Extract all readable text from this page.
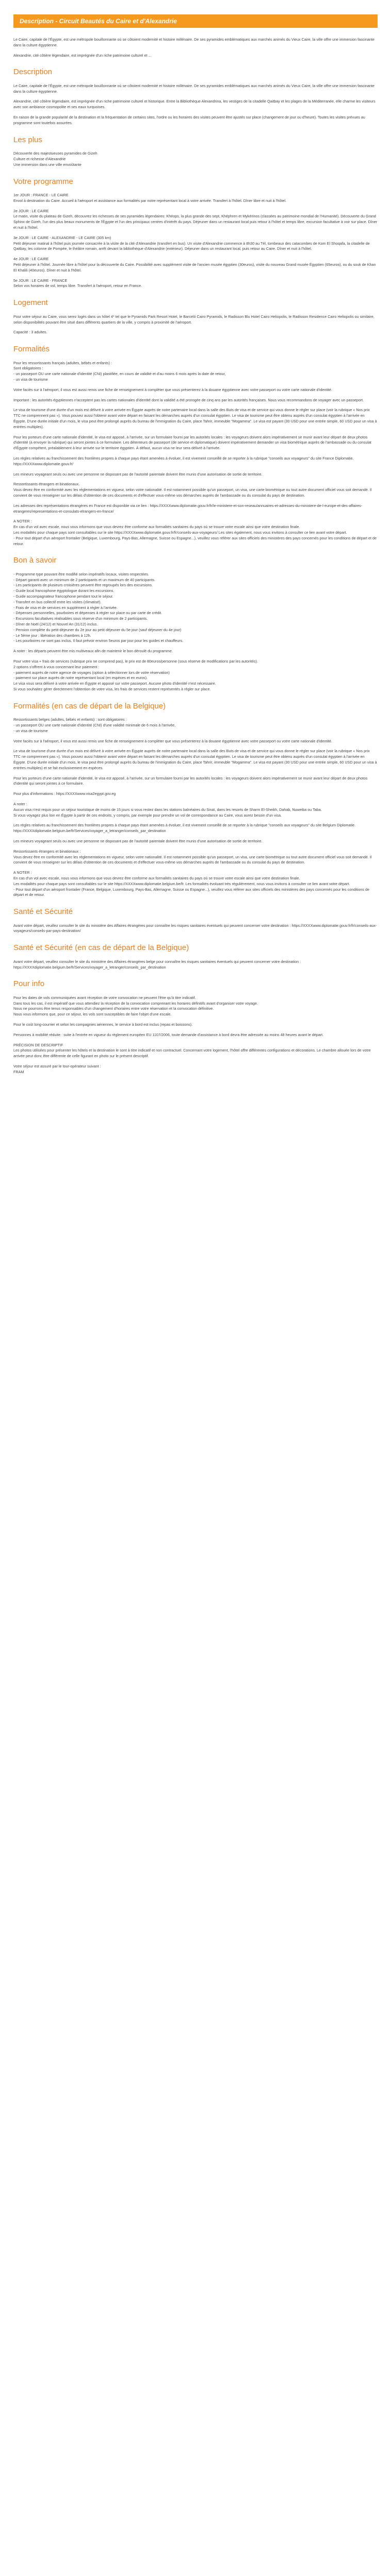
Description - Circuit Beautés du Caire et d'Alexandrie

Le Caire, capitale de l'Égypte, est une métropole bouillonnante où se côtoient modernité et histoire millénaire. De ses pyramides emblématiques aux marchés animés du Vieux Caire, la ville offre une immersion fascinante dans la culture égyptienne.

Alexandrie, cité côtière légendaire, est imprégnée d'un riche patrimoine culturel et ...

Description

Le Caire, capitale de l'Égypte, est une métropole bouillonnante où se côtoient modernité et histoire millénaire. De ses pyramides emblématiques aux marchés animés du Vieux Caire, la ville offre une immersion fascinante dans la culture égyptienne.

Alexandrie, cité côtière légendaire, est imprégnée d'un riche patrimoine culturel et historique. Entre la Bibliothèque Alexandrina, les vestiges de la citadelle Qaitbay et les plages de la Méditerranée, elle charme les visiteurs avec son ambiance cosmopolite et ses eaux turquoises.

En raison de la grande popularité de la destination et la fréquentation de certains sites, l'ordre ou les horaires des visites peuvent être ajustés sur place (changement de jour ou d'heure). Toutes les visites prévues au programme sont toutefois assurées.

Les plus

Découverte des majestueuses pyramides de Gizeh

Culture et richesse d'Alexandrie

Une immersion dans une ville envoûtante

Votre programme

1er JOUR : FRANCE - LE CAIRE

Envol à destination du Caire. Accueil à l'aéroport et assistance aux formalités par notre représentant local à votre arrivée. Transfert à l'hôtel. Dîner libre et nuit à l'hôtel.

2e JOUR : LE CAIRE

Le matin, visite du plateau de Gizeh, découvrez les richesses de ses pyramides légendaires: Khéops, la plus grande des sept, Khéphren et Mykérinos (classées au patrimoine mondial de l'Humanité). Découverte du Grand Sphinx de Gizeh, l'un des plus beaux monuments de l'Égypte et l'un des principaux centres d'intérêt du pays. Déjeuner dans un restaurant local puis retour à l'hôtel et temps libre, excursion facultative à voir sur place. Dîner et nuit à l'hôtel.

3e JOUR : LE CAIRE - ALEXANDRIE - LE CAIRE (305 km)

Petit déjeuner matinal à l'hôtel puis journée consacrée à la visite de la cité d'Alexandrie (transfert en bus). Un visite d'Alexandrie commence à 8h30 au Tél, tombeaux des catacombes de Kom El Shoqafa, la citadelle de Qaitbay, les colonne de Pompée, le théâtre romain, arrêt devant la bibliothèque d'Alexandrie (extérieur). Déjeuner dans un restaurant local, puis retour au Caire. Dîner et nuit à l'hôtel.

4e JOUR : LE CAIRE

Petit déjeuner à l'hôtel. Journée libre à l'hôtel pour la découverte du Caire. Possibilité avec supplément visite de l'ancien musée égyptien (30euros), visite du nouveau Grand musée Égyptien (65euros), ou du souk de Khan El Khalili (40euros). Dîner et nuit à l'hôtel.

5e JOUR : LE CAIRE - FRANCE

Selon vos horaires de vol, temps libre. Transfert à l'aéroport, retour en France.

Logement

Pour votre séjour au Caire, vous serez logés dans un hôtel 4* tel que le Pyramids Park Resort Hotel, le Barceló Cairo Pyramids, le Radisson Blu Hotel Cairo Heliopolis, le Radisson Residence Cairo Heliopolis ou similaire, selon disponibilités pouvant être situé dans différents quartiers de la ville, y compris à proximité de l'aéroport.

Capacité : 3 adultes.

Formalités

Pour les ressortissants français (adultes, bébés et enfants) :
Sont obligatoires :
- un passeport OU une carte nationale d'identité (CNI) plastifiée, en cours de validité et d'au moins 6 mois après la date de retour,
- un visa de tourisme

Votre faciès sur à l'aéroport, il vous est aussi remis une fiche de renseignement à compléter que vous présenterez à la douane égyptienne avec votre passeport ou votre carte nationale d'identité.

Important : les autorités égyptiennes n'acceptent pas les cartes nationales d'identité dont la validité a été prorogée de cinq ans par les autorités françaises. Nous vous recommandons de voyager avec un passeport.

Le visa de tourisme d'une durée d'un mois est délivré à votre arrivée en Égypte auprès de notre partenaire local dans la salle des Buts de visa et de service qui vous donne le régler sur place (voir la rubrique « Nos prix TTC ne comprennent pas »). Vous pouvez aussi l'obtenir avant votre départ en faisant les démarches auprès d'un consulat égyptien. Le visa de tourisme peut être obtenu auprès d'un consulat égyptien à l'arrivée en Égypte. D'une durée initiale d'un mois, le visa peut être prolongé auprès du bureau de l'immigration du Caire, place Tahrir, immeuble "Mogamma". Le visa est payant (30 USD pour une entrée simple, 60 USD pour un visa à entrées multiples).

Pour les porteurs d'une carte nationale d'identité, le visa est apposé, à l'arrivée, sur un formulaire fourni par les autorités locales : les voyageurs doivent alors impérativement se munir avant leur départ de deux photos d'identité (à envoyer la rubrique) qui seront jointes à ce formulaire. Les détenteurs de passeport (de service et diplomatique) doivent impérativement demander un visa biométrique auprès de l'ambassade ou du consulat d'Égypte compétent, préalablement à leur arrivée sur le territoire égyptien. À défaut, aucun visa ne leur sera délivré à l'arrivée.

Les règles relatives au franchissement des frontières propres à chaque pays étant amenées à évoluer, il est vivement conseillé de se reporter à la rubrique "conseils aux voyageurs" du site France Diplomatie. https://XXXXwww.diplomatie.gouv.fr/

Les mineurs voyageant seuls ou avec une personne ne disposant pas de l'autorité parentale doivent être munis d'une autorisation de sortie de territoire.

Ressortissants étrangers et binationaux.
Vous devez être en conformité avec les réglementations en vigueur, selon votre nationalité. Il est notamment possible qu'un passeport, un visa, une carte biométrique ou tout autre document officiel vous soit demandé. Il convient de vous renseigner sur les délais d'obtention de ces documents et d'effectuer vous-même vos démarches auprès de l'ambassade ou du consulat du pays de destination.

Les adresses des représentations étrangères en France est disponible via ce lien : https://XXXXwww.diplomatie.gouv.fr/fr/le-ministere-et-son-reseau/annuaires-et-adresses-du-ministere-de-l-europe-et-des-affaires-etrangeres/representations-et-consulats-etrangers-en-france/

A NOTER :
En cas d'un vol avec escale, nous vous informons que vous devrez être conforme aux formalités sanitaires du pays où se trouve votre escale ainsi que votre destination finale.
Les modalités pour chaque pays sont consultables sur le site https://XXXXwww.diplomatie.gouv.fr/fr/conseils-aux-voyageurs/ Les sites également, nous vous invitons à consulter ce lien avant votre départ.
- Pour tout départ d'un aéroport frontalier (Belgique, Luxembourg, Pays-Bas, Allemagne, Suisse ou Espagne...), veuillez vous référer aux sites officiels des ministères des pays concernés pour les conditions de départ et de retour.

Bon à savoir

- Programme type pouvant être modifié selon impératifs locaux, visites respectées.
- Départ garanti avec un minimum de 2 participants et un maximum de 40 participants.
- Les participants de plusieurs croisières peuvent être regroupés lors des excursions.
- Guide local francophone égyptologue durant les excursions.
- Guide accompagnateur francophone pendant tout le séjour.
- Transfert en bus collectif entre les visites (climatisé).
- Frais de visa et de services en supplément à régler à l'arrivée.
- Dépenses personnelles, pourboires et dépenses à régler sur place ou par carte de crédit.
- Excursions facultatives réalisables sous réserve d'un minimum de 2 participants.
- Dîner de Noël (24/12) et Nouvel An (31/12) inclus.
- Pension complète du petit-déjeuner du 2e jour au petit déjeuner du 5e jour (sauf déjeuner du 4e jour)
- Le 5ème jour : libération des chambres à 12h.
- Les pourboires ne sont pas inclus. Il faut prévoir environ 5euros par jour pour les guides et chauffeurs.

A noter : les départs peuvent être mis multiveaux afin de maintenir le bon déroulé du programme.

Pour votre visa + frais de services (rubrique prix ne comprend pas), le prix est de 80euros/personne (sous réserve de modifications par les autorités).
2 options s'offrent à vous concernant leur paiement :
- paiement auprès de notre agence de voyages (option à sélectionner lors de votre réservation)
- paiement sur place auprès de notre représentant local (en espèces et en euros).
Le visa vous sera délivré à votre arrivée en Égypte et apposé sur votre passeport. Aucune photo d'identité n'est nécessaire.
Si vous souhaitez gérer directement l'obtention de votre visa, les frais de services restent représentés à régler sur place.

Formalités (en cas de départ de la Belgique)

Ressortissants belges (adultes, bébés et enfants) : sont obligatoires :
- un passeport OU une carte nationale d'identité (CNI) d'une validité minimale de 6 mois à l'arrivée,
- un visa de tourisme

Votre faciès sur à l'aéroport, il vous est aussi remis une fiche de renseignement à compléter que vous présenterez à la douane égyptienne avec votre passeport ou votre carte nationale d'identité.

Le visa de tourisme d'une durée d'un mois est délivré à votre arrivée en Égypte auprès de notre partenaire local dans la salle des Buts de visa et de service qui vous donne le régler sur place (voir la rubrique « Nos prix TTC ne comprennent pas »). Vous pouvez aussi l'obtenir avant votre départ en faisant les démarches auprès d'un consulat égyptien. Le visa de tourisme peut être obtenu auprès d'un consulat égyptien à l'arrivée en Égypte. D'une durée initiale d'un mois, le visa peut être prolongé auprès du bureau de l'immigration du Caire, place Tahrir, immeuble "Mogamma". Le visa est payant (30 USD pour une entrée simple, 60 USD pour un visa à entrées multiples) et se fait exclusivement en espèces.

Pour les porteurs d'une carte nationale d'identité, le visa est apposé, à l'arrivée, sur un formulaire fourni par les autorités locales : les voyageurs doivent alors impérativement se munir avant leur départ de deux photos d'identité qui seront jointes à ce formulaire.

Pour plus d'informations : https://XXXXwww.visa2egypt.gov.eg

A noter :
Aucun visa n'est requis pour un séjour touristique de moins de 15 jours si vous restez dans les stations balnéaires du Sinaï, dans les resorts de Sharm El-Sheikh, Dahab, Nuweiba ou Taba.
Si vous voyagez plus loin en Égypte à partir de ces endroits, y compris, par exemple pour prendre un vol de correspondance au Caire, vous aurez besoin d'un visa.

Les règles relatives au franchissement des frontières propres à chaque pays étant amenées à évoluer, il est vivement conseillé de se reporter à la rubrique "conseils aux voyageurs" du site Belgium Diplomatie. https://XXXXdiplomatie.belgium.be/fr/Services/voyager_a_letranger/conseils_par_destination

Les mineurs voyageant seuls ou avec une personne ne disposant pas de l'autorité parentale doivent être munis d'une autorisation de sortie de territoire.

Ressortissants étrangers et binationaux :
Vous devez être en conformité avec les réglementations en vigueur, selon votre nationalité. Il est notamment possible qu'un passeport, un visa, une carte biométrique ou tout autre document officiel vous soit demandé. Il convient de vous renseigner sur les délais d'obtention de ces documents et d'effectuer vous-même vos démarches auprès de l'ambassade ou du consulat du pays de destination.

A NOTER :
En cas d'un vol avec escale, nous vous informons que vous devrez être conforme aux formalités sanitaires du pays où se trouve votre escale ainsi que votre destination finale.
Les modalités pour chaque pays sont consultables sur le site https://XXXXwww.diplomatie.belgium.be/fr. Les formalités évoluant très régulièrement, nous vous invitons à consulter ce lien avant votre départ.
- Pour tout départ d'un aéroport frontalier (France, Belgique, Luxembourg, Pays-Bas, Allemagne, Suisse ou Espagne...), veuillez vous référer aux sites officiels des ministères des pays concernés pour les conditions de départ et de retour.

Santé et Sécurité

Avant votre départ, veuillez consulter le site du ministère des Affaires étrangères pour connaître les risques sanitaires éventuels qui peuvent concerner votre destination : https://XXXXwww.diplomatie.gouv.fr/fr/conseils-aux-voyageurs/conseils-par-pays-destination/

Santé et Sécurité (en cas de départ de la Belgique)

Avant votre départ, veuillez consulter le site du ministère des Affaires étrangères belge pour connaître les risques sanitaires éventuels qui peuvent concerner votre destination : https://XXXXdiplomatie.belgium.be/fr/Services/voyager_a_letranger/conseils_par_destination

Pour info

Pour les dates de vols communiquées avant réception de votre convocation ne peuvent l'être qu'à titre indicatif.
Dans tous les cas, il est impératif que vous attendiez la réception de la convocation comprenant les horaires définitifs avant d'organiser votre voyage.
Nous ne pourrons être tenus responsables d'un changement d'horaires entre votre réservation et la convocation définitive.
Nous vous informons que, pour ce séjour, les vols sont susceptibles de faire l'objet d'une escale.

Pour le coût long-courrier et selon les compagnies aériennes, le service à bord est inclus (repas et boissons).

Personnes à mobilité réduite : suite à l'entrée en vigueur du règlement européen EU 1107/2006, toute demande d'assistance à bord devra être adressée au moins 48 heures avant le départ.

PRÉCISION DE DESCRIPTIF
Les photos utilisées pour présenter les hôtels et la destination le sont à titre indicatif et non contractuel. Concernant votre logement, l'hôtel offre différentes configurations et décorations. Le chambre allouée lors de votre arrivée peut donc être différente de celle figurant en photo sur le présent descriptif.

Votre séjour est assuré par le tour-opérateur suivant :
FRAM
